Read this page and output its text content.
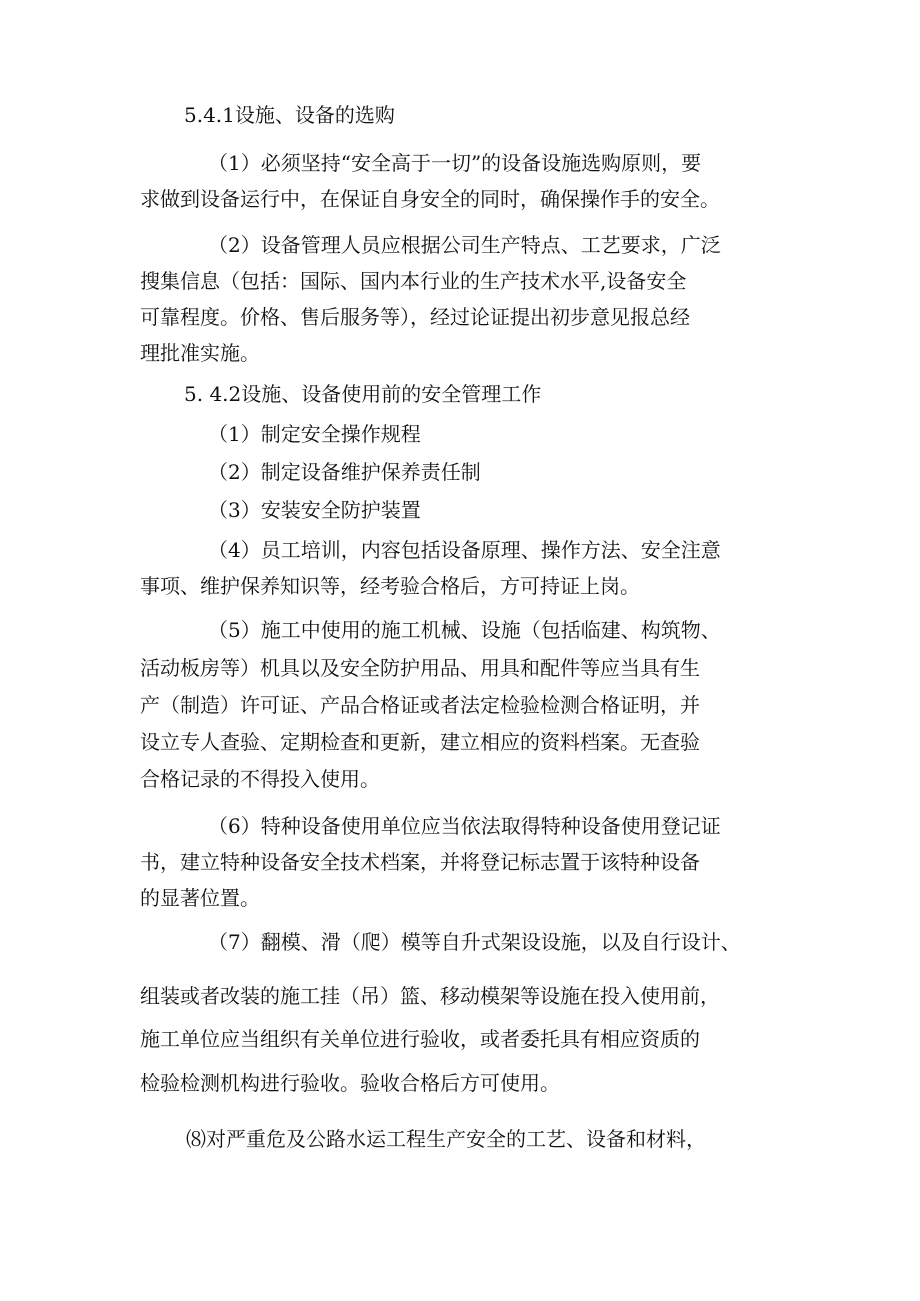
5.4.1设施、设备的选购

（1）必须坚持“安全高于一切”的设备设施选购原则，要

求做到设备运行中，在保证自身安全的同时，确保操作手的安全。

（2）设备管理人员应根据公司生产特点、工艺要求，广泛

搜集信息（包括：国际、国内本行业的生产技术水平,设备安全

可靠程度。价格、售后服务等），经过论证提出初步意见报总经

理批准实施。

5. 4.2设施、设备使用前的安全管理工作

（1）制定安全操作规程

（2）制定设备维护保养责任制

（3）安装安全防护装置

（4）员工培训，内容包括设备原理、操作方法、安全注意

事项、维护保养知识等，经考验合格后，方可持证上岗。

（5）施工中使用的施工机械、设施（包括临建、构筑物、

活动板房等）机具以及安全防护用品、用具和配件等应当具有生

产（制造）许可证、产品合格证或者法定检验检测合格证明，并

设立专人查验、定期检查和更新，建立相应的资料档案。无查验

合格记录的不得投入使用。

（6）特种设备使用单位应当依法取得特种设备使用登记证

书，建立特种设备安全技术档案，并将登记标志置于该特种设备

的显著位置。

（7）翻模、滑（爬）模等自升式架设设施，以及自行设计、

组装或者改装的施工挂（吊）篮、移动模架等设施在投入使用前，

施工单位应当组织有关单位进行验收，或者委托具有相应资质的

检验检测机构进行验收。验收合格后方可使用。

⑻对严重危及公路水运工程生产安全的工艺、设备和材料，
